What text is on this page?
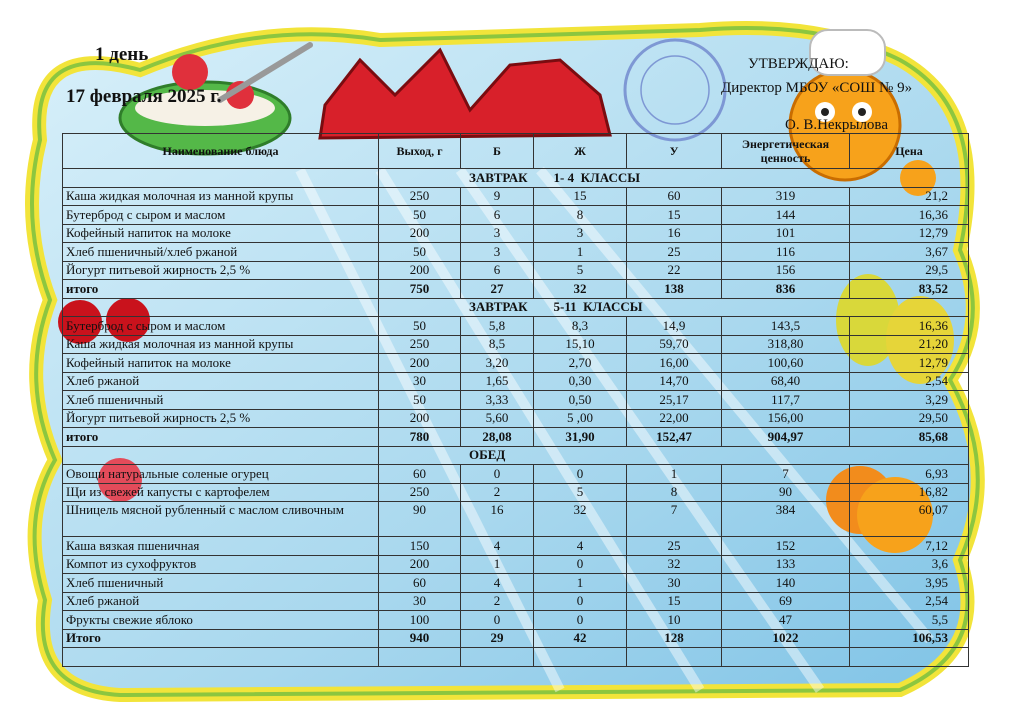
1 день
17 февраля 2025 г.
УТВЕРЖДАЮ:
Директор МБОУ «СОШ № 9»
О. В.Некрылова
Наименование блюда	Выход, г	Б	Ж	У	Энергетическая ценность	Цена
	ЗАВТРАК        1- 4  КЛАССЫ					
Каша жидкая молочная из манной крупы	250	9	15	60	319	21,2
Бутерброд с сыром и маслом	50	6	8	15	144	16,36
Кофейный напиток на молоке	200	3	3	16	101	12,79
Хлеб пшеничный/хлеб ржаной	50	3	1	25	116	3,67
Йогурт питьевой жирность 2,5 %	200	6	5	22	156	29,5
итого	750	27	32	138	836	83,52
	ЗАВТРАК        5-11  КЛАССЫ					
Бутерброд с сыром и маслом	50	5,8	8,3	14,9	143,5	16,36
Каша жидкая молочная из манной крупы	250	8,5	15,10	59,70	318,80	21,20
Кофейный напиток на молоке	200	3,20	2,70	16,00	100,60	12,79
Хлеб ржаной	30	1,65	0,30	14,70	68,40	2,54
Хлеб пшеничный	50	3,33	0,50	25,17	117,7	3,29
Йогурт питьевой жирность 2,5 %	200	5,60	5 ,00	22,00	156,00	29,50
итого	780	28,08	31,90	152,47	904,97	85,68
	ОБЕД					
Овощи натуральные соленые огурец	60	0	0	1	7	6,93
Щи из свежей капусты с картофелем	250	2	5	8	90	16,82
Шницель мясной рубленный с маслом сливочным	90	16	32	7	384	60,07
Каша вязкая пшеничная	150	4	4	25	152	7,12
Компот из сухофруктов	200	1	0	32	133	3,6
Хлеб пшеничный	60	4	1	30	140	3,95
Хлеб ржаной	30	2	0	15	69	2,54
Фрукты свежие яблоко	100	0	0	10	47	5,5
Итого	940	29	42	128	1022	106,53
